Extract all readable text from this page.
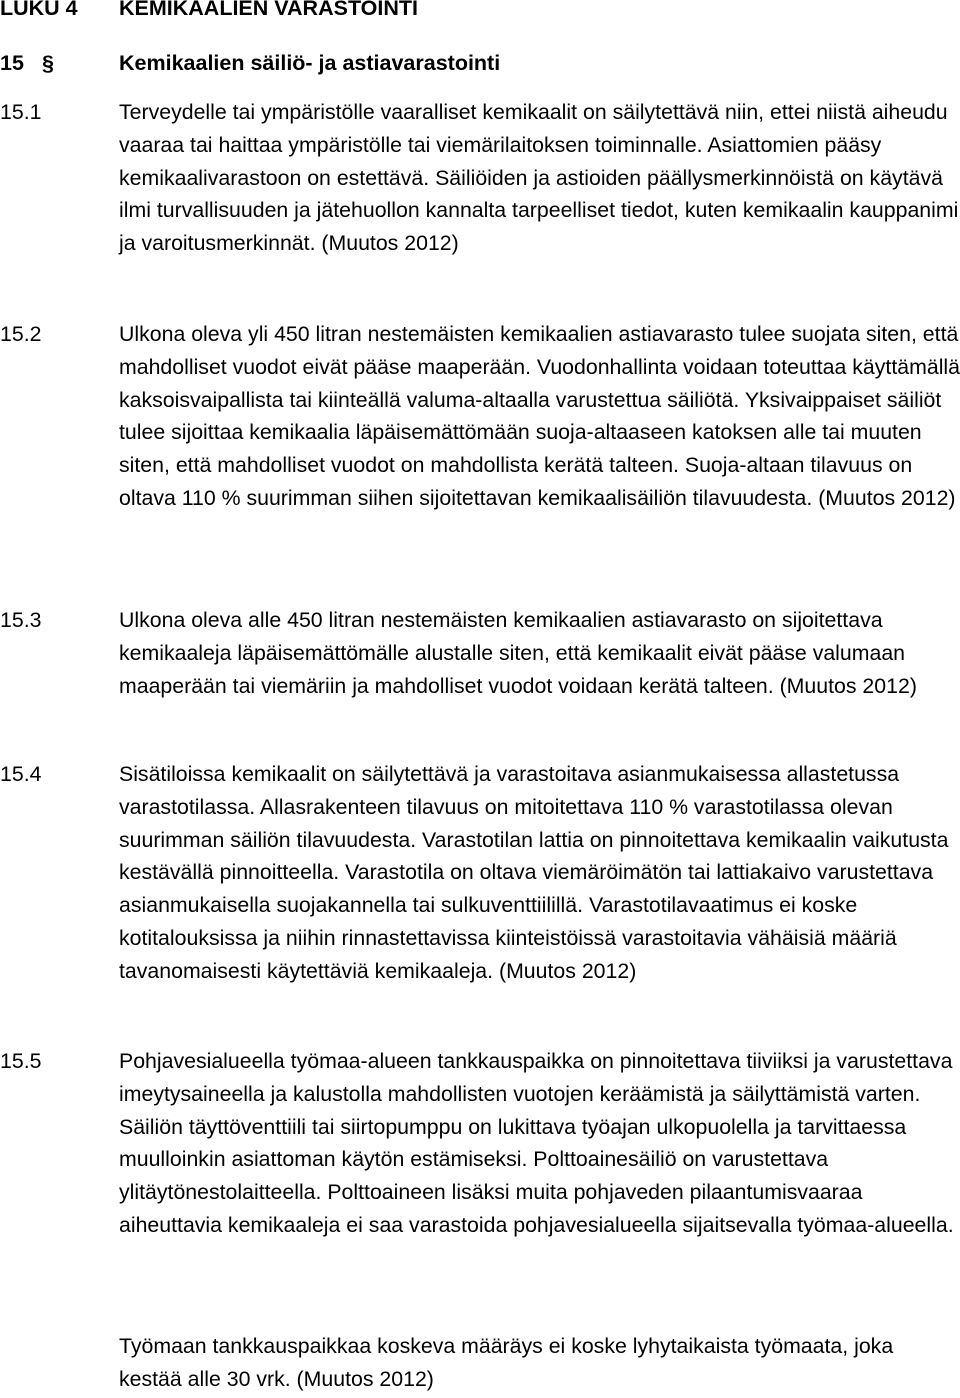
LUKU 4 KEMIKAALIEN VARASTOINTI
15 §	Kemikaalien säiliö- ja astiavarastointi
15.1	Terveydelle tai ympäristölle vaaralliset kemikaalit on säilytettävä niin, ettei niistä aiheudu vaaraa tai haittaa ympäristölle tai viemärilaitoksen toiminnalle. Asiattomien pääsy kemikaalivarastoon on estettävä. Säiliöiden ja astioiden päällysmerkinnöistä on käytävä ilmi turvallisuuden ja jätehuollon kannalta tarpeelliset tiedot, kuten kemikaalin kauppanimi ja varoitusmerkinnät. (Muutos 2012)
15.2	Ulkona oleva yli 450 litran nestemäisten kemikaalien astiavarasto tulee suojata siten, että mahdolliset vuodot eivät pääse maaperään. Vuodonhallinta voidaan toteuttaa käyttämällä kaksoisvaipallista tai kiinteällä valuma-altaalla varustettua säiliötä. Yksivaippaiset säiliöt tulee sijoittaa kemikaalia läpäisemättömään suoja-altaaseen katoksen alle tai muuten siten, että mahdolliset vuodot on mahdollista kerätä talteen. Suoja-altaan tilavuus on oltava 110 % suurimman siihen sijoitettavan kemikaalisäiliön tilavuudesta. (Muutos 2012)
15.3	Ulkona oleva alle 450 litran nestemäisten kemikaalien astiavarasto on sijoitettava kemikaaleja läpäisemättömälle alustalle siten, että kemikaalit eivät pääse valumaan maaperään tai viemäriin ja mahdolliset vuodot voidaan kerätä talteen. (Muutos 2012)
15.4	Sisätiloissa kemikaalit on säilytettävä ja varastoitava asianmukaisessa allastetussa varastotilassa. Allasrakenteen tilavuus on mitoitettava 110 % varastotilassa olevan suurimman säiliön tilavuudesta. Varastotilan lattia on pinnoitettava kemikaalin vaikutusta kestävällä pinnoitteella. Varastotila on oltava viemäröimätön tai lattiakaivo varustettava asianmukaisella suojakannella tai sulkuventtiilillä. Varastotilavaatimus ei koske kotitalouksissa ja niihin rinnastettavissa kiinteistöissä varastoitavia vähäisiä määriä tavanomaisesti käytettäviä kemikaaleja. (Muutos 2012)
15.5	Pohjavesialueella työmaa-alueen tankkauspaikka on pinnoitettava tiiviiksi ja varustettava imeytysaineella ja kalustolla mahdollisten vuotojen keräämistä ja säilyttämistä varten. Säiliön täyttöventtiili tai siirtopumppu on lukittava työajan ulkopuolella ja tarvittaessa muulloinkin asiattoman käytön estämiseksi. Polttoainesäiliö on varustettava ylitäytönestolaitteella. Polttoaineen lisäksi muita pohjaveden pilaantumisvaaraa aiheuttavia kemikaaleja ei saa varastoida pohjavesialueella sijaitsevalla työmaa-alueella.
Työmaan tankkauspaikkaa koskeva määräys ei koske lyhytaikaista työmaata, joka kestää alle 30 vrk. (Muutos 2012)
